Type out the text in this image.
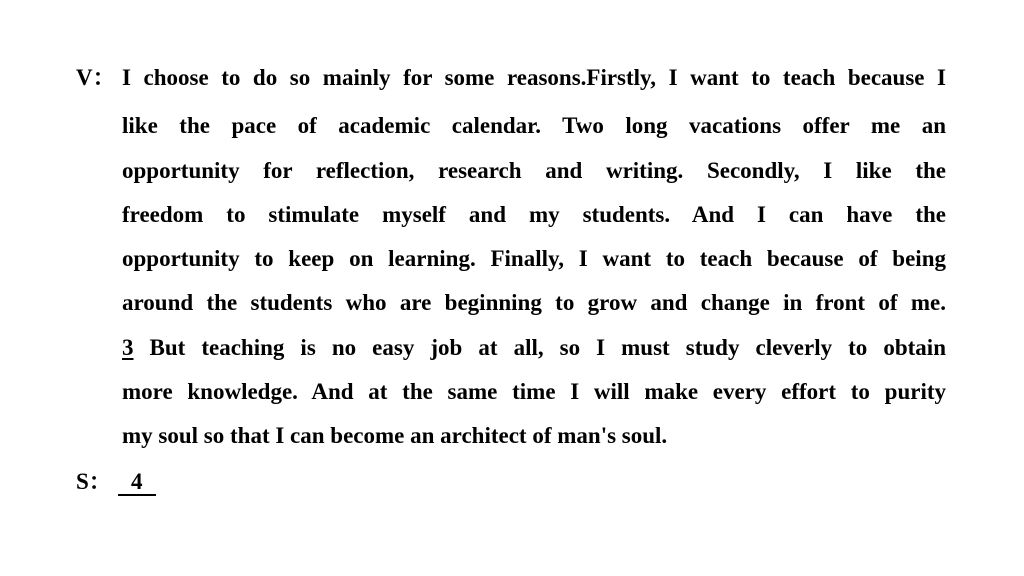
V： I choose to do so mainly for some reasons.Firstly, I want to teach because I
like the pace of academic calendar. Two long vacations offer me an
opportunity for reflection, research and writing. Secondly, I like the
freedom to stimulate myself and my students. And I can have the
opportunity to keep on learning. Finally, I want to teach because of being
around the students who are beginning to grow and change in front of me.
3 But teaching is no easy job at all, so I must study cleverly to obtain
more knowledge. And at the same time I will make every effort to purity
my soul so that I can become an architect of man's soul.
S： 4
